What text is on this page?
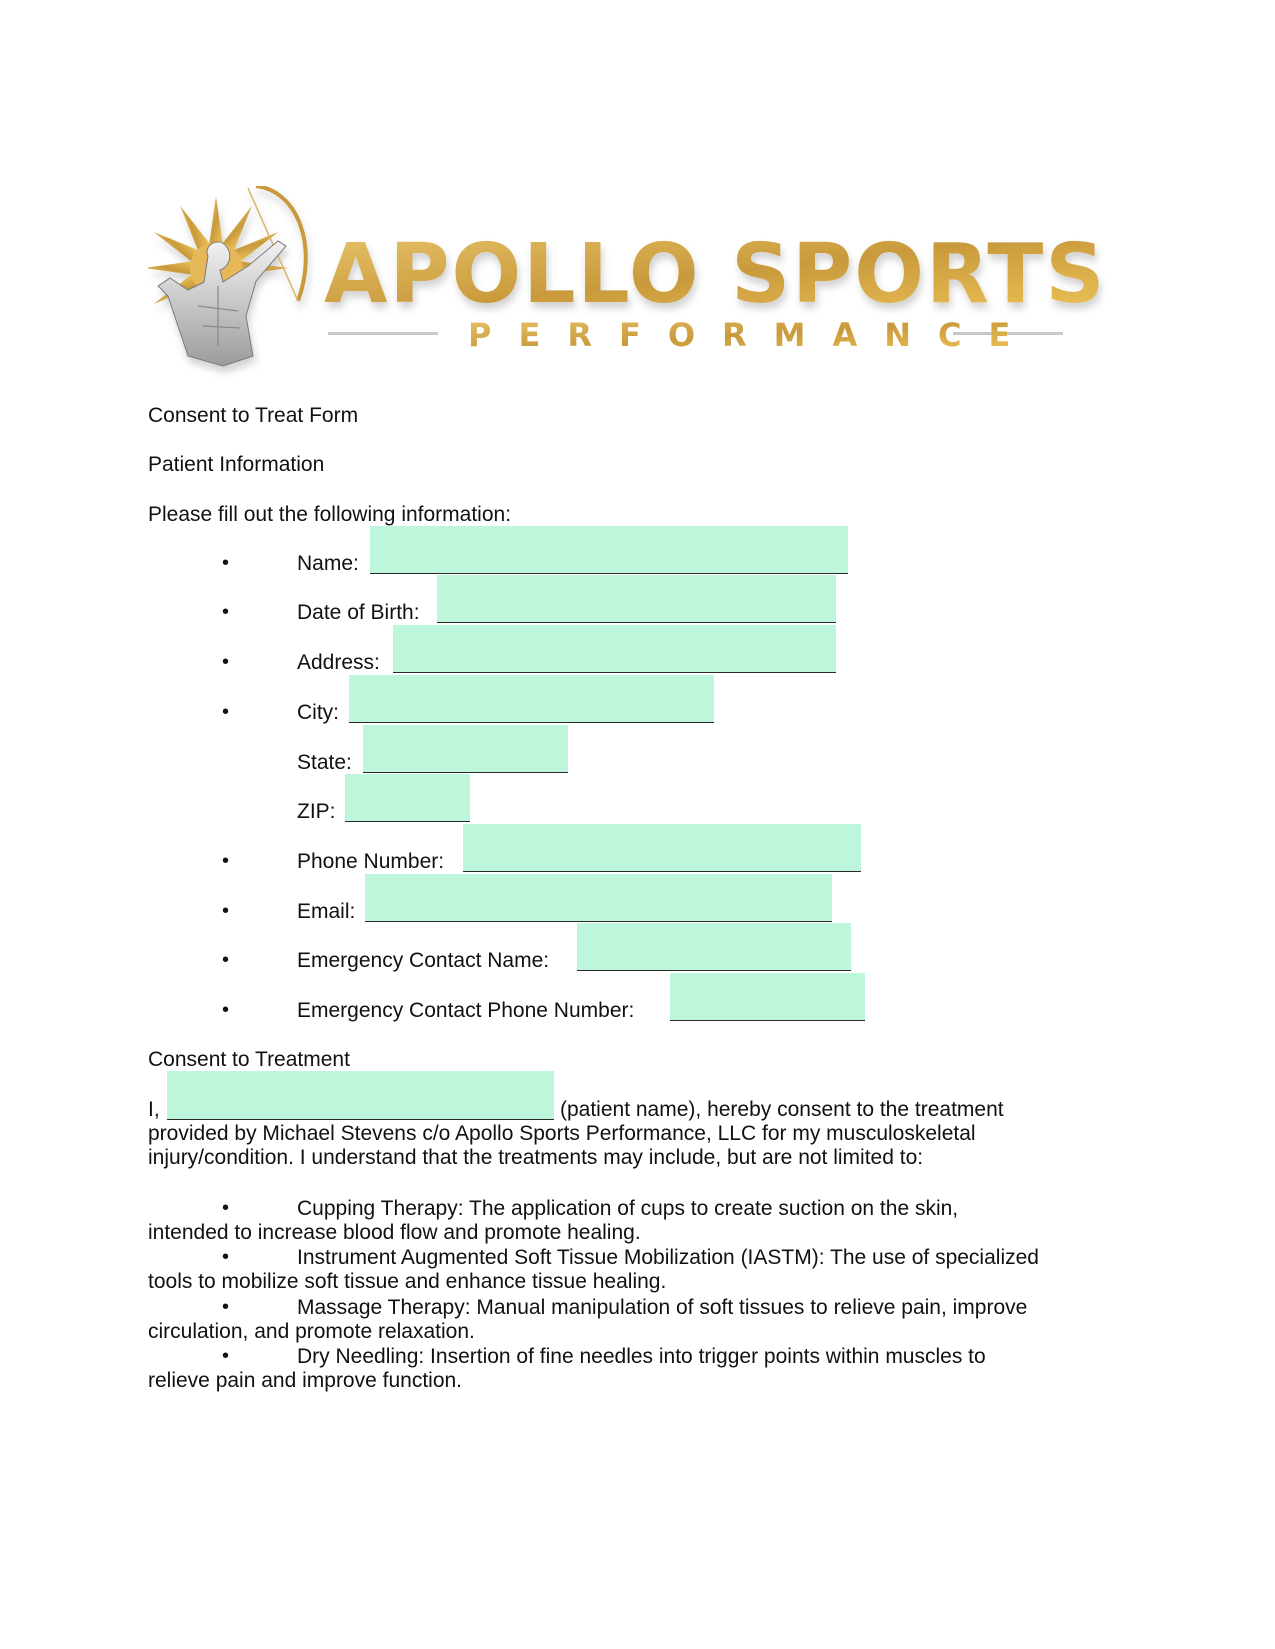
APOLLO SPORTS
PERFORMANCE
Consent to Treat Form
Patient Information
Please fill out the following information:
•	Name:
•	Date of Birth:
•	Address:
•	City:
State:
ZIP:
•	Phone Number:
•	Email:
•	Emergency Contact Name:
•	Emergency Contact Phone Number:
Consent to Treatment
I,	(patient name), hereby consent to the treatment
provided by Michael Stevens c/o Apollo Sports Performance, LLC for my musculoskeletal
injury/condition. I understand that the treatments may include, but are not limited to:
•	Cupping Therapy: The application of cups to create suction on the skin,
intended to increase blood flow and promote healing.
•	Instrument Augmented Soft Tissue Mobilization (IASTM): The use of specialized
tools to mobilize soft tissue and enhance tissue healing.
•	Massage Therapy: Manual manipulation of soft tissues to relieve pain, improve
circulation, and promote relaxation.
•	Dry Needling: Insertion of fine needles into trigger points within muscles to
relieve pain and improve function.
